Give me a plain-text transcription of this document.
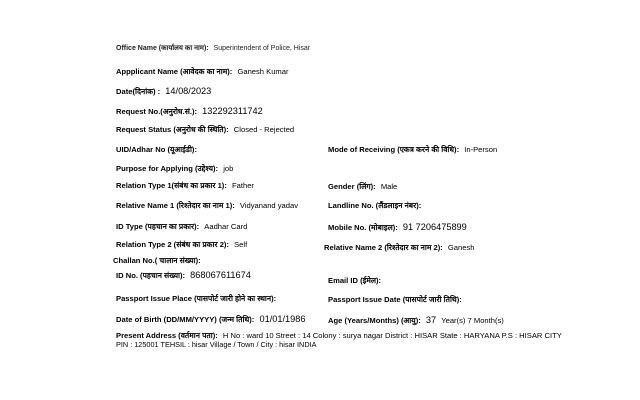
Office Name (कार्यालय का नाम): Superintendent of Police, Hisar
Appplicant Name (आवेदक का नाम): Ganesh Kumar
Date(दिनांक) : 14/08/2023
Request No.(अनुरोध.सं.): 132292311742
Request Status (अनुरोध की स्थिति): Closed - Rejected
UID/Adhar No (यूआईडी):	Mode of Receiving (एकत्र करने की विधि): In-Person
Purpose for Applying (उद्देश्य): job
Relation Type 1(संबंध का प्रकार 1): Father	Gender (लिंग): Male
Relative Name 1 (रिश्तेदार का नाम 1): Vidyanand yadav	Landline No. (लैंडलाइन नंबर):
ID Type (पहचान का प्रकार): Aadhar Card	Mobile No. (मोबाइल): 91 7206475899
Relation Type 2 (संबंध का प्रकार 2): Self	Relative Name 2 (रिश्तेदार का नाम 2): Ganesh
Challan No.( चालान संख्या):
ID No. (पहचान संख्या): 868067611674
Email ID (ईमेल):
Passport Issue Place (पासपोर्ट जारी होने का स्थान):	Passport Issue Date (पासपोर्ट जारी तिथि):
Date of Birth (DD/MM/YYYY) (जन्म तिथि): 01/01/1986	Age (Years/Months) (आयु): 37 Year(s) 7 Month(s)
Present Address (वर्तमान पता): H No : ward 10 Street : 14 Colony : surya nagar District : HISAR State : HARYANA P.S : HISAR CITY
PIN : 125001 TEHSIL : hisar Village / Town / City : hisar INDIA
